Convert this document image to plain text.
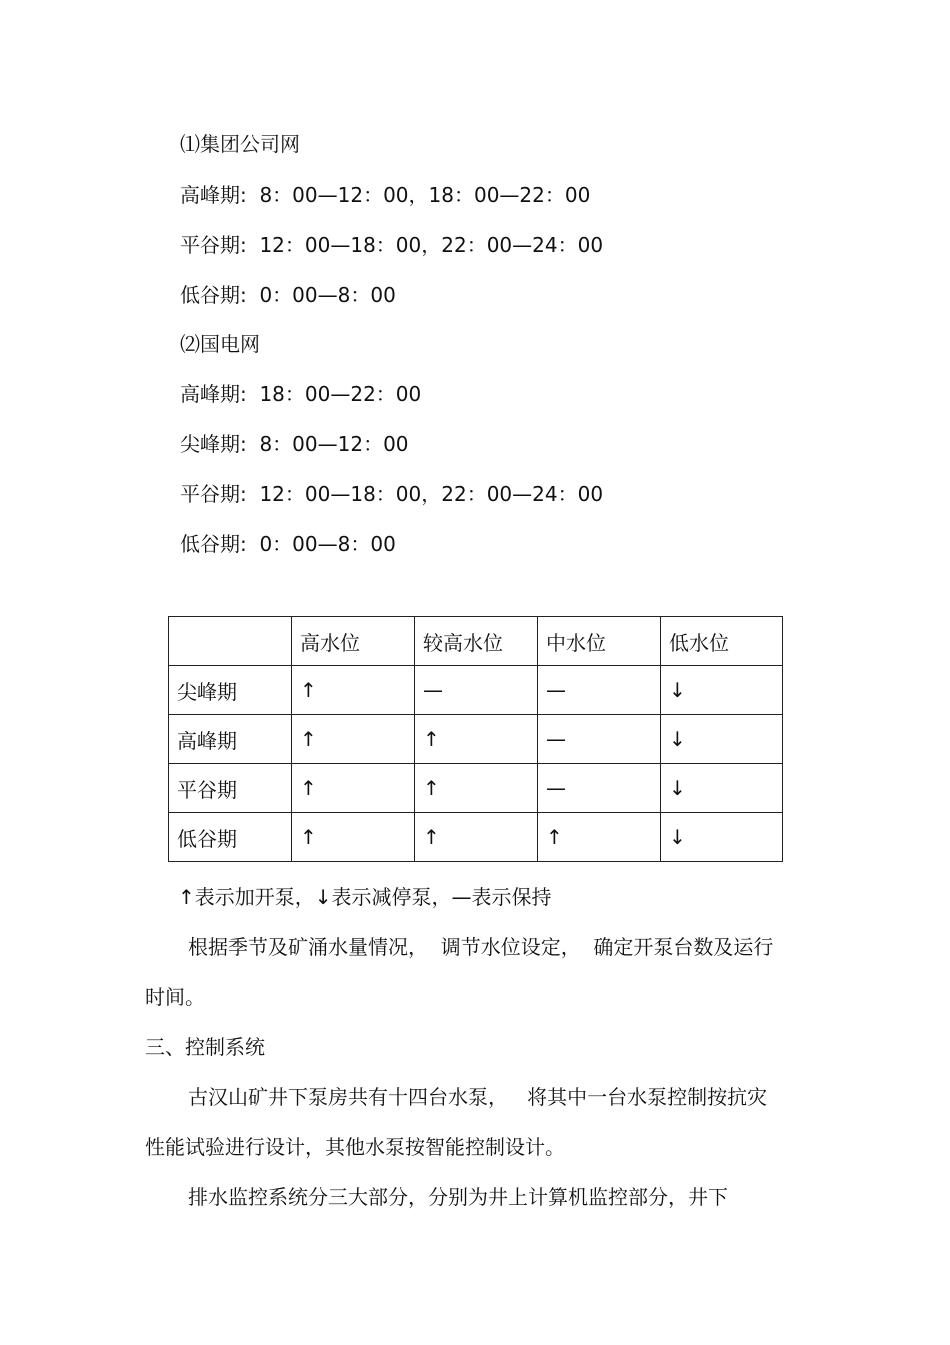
⑴集团公司网
高峰期:  8：00—12：00，18：00—22：00
平谷期:  12：00—18：00，22：00—24：00
低谷期:  0：00—8：00
⑵国电网
高峰期:  18：00—22：00
尖峰期:  8：00—12：00
平谷期:  12：00—18：00，22：00—24：00
低谷期:  0：00—8：00
	高水位	较高水位	中水位	低水位
尖峰期	↑	—	—	↓
高峰期	↑	↑	—	↓
平谷期	↑	↑	—	↓
低谷期	↑	↑	↑	↓
↑表示加开泵，↓表示减停泵，—表示保持
根据季节及矿涌水量情况，  调节水位设定，  确定开泵台数及运行
时间。
三、控制系统
古汉山矿井下泵房共有十四台水泵，   将其中一台水泵控制按抗灾
性能试验进行设计，其他水泵按智能控制设计。
排水监控系统分三大部分，分别为井上计算机监控部分，井下
